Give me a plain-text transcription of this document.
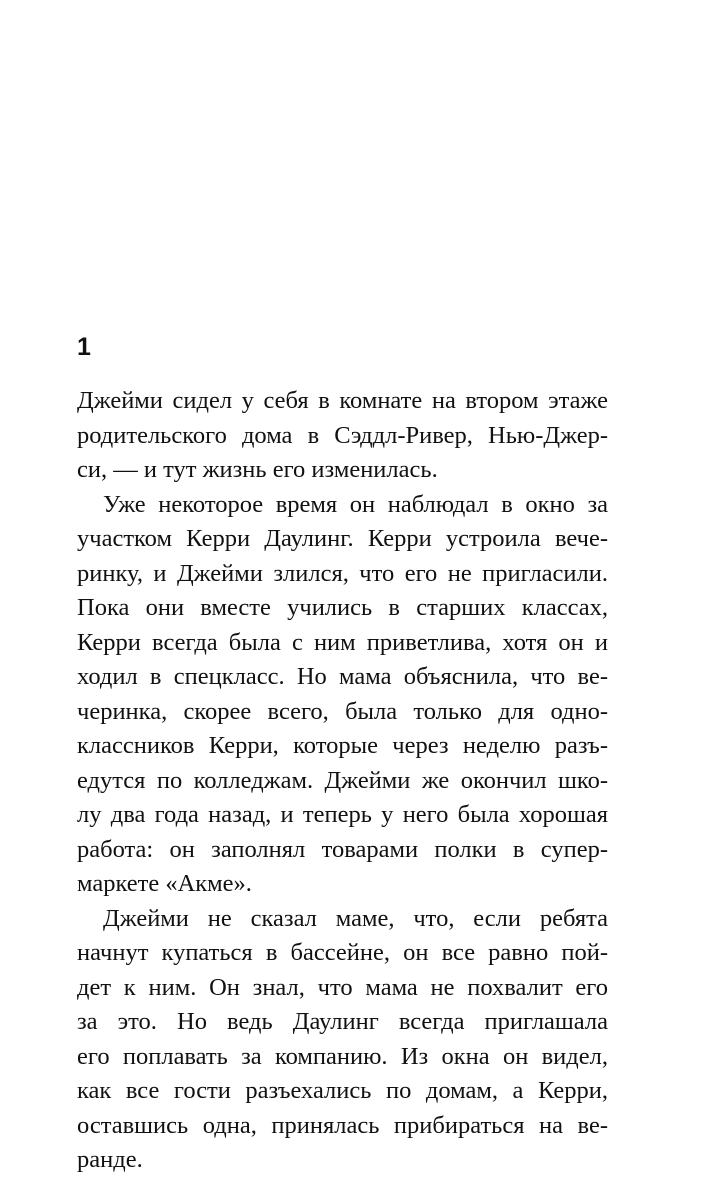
1
Джейми сидел у себя в комнате на втором этаже
родительского дома в Сэддл-Ривер, Нью-Джер-
си, — и тут жизнь его изменилась.
Уже некоторое время он наблюдал в окно за
участком Керри Даулинг. Керри устроила вече-
ринку, и Джейми злился, что его не пригласили.
Пока они вместе учились в старших классах,
Керри всегда была с ним приветлива, хотя он и
ходил в спецкласс. Но мама объяснила, что ве-
черинка, скорее всего, была только для одно-
классников Керри, которые через неделю разъ-
едутся по колледжам. Джейми же окончил шко-
лу два года назад, и теперь у него была хорошая
работа: он заполнял товарами полки в супер-
маркете «Акме».
Джейми не сказал маме, что, если ребята
начнут купаться в бассейне, он все равно пой-
дет к ним. Он знал, что мама не похвалит его
за это. Но ведь Даулинг всегда приглашала
его поплавать за компанию. Из окна он видел,
как все гости разъехались по домам, а Керри,
оставшись одна, принялась прибираться на ве-
ранде.
